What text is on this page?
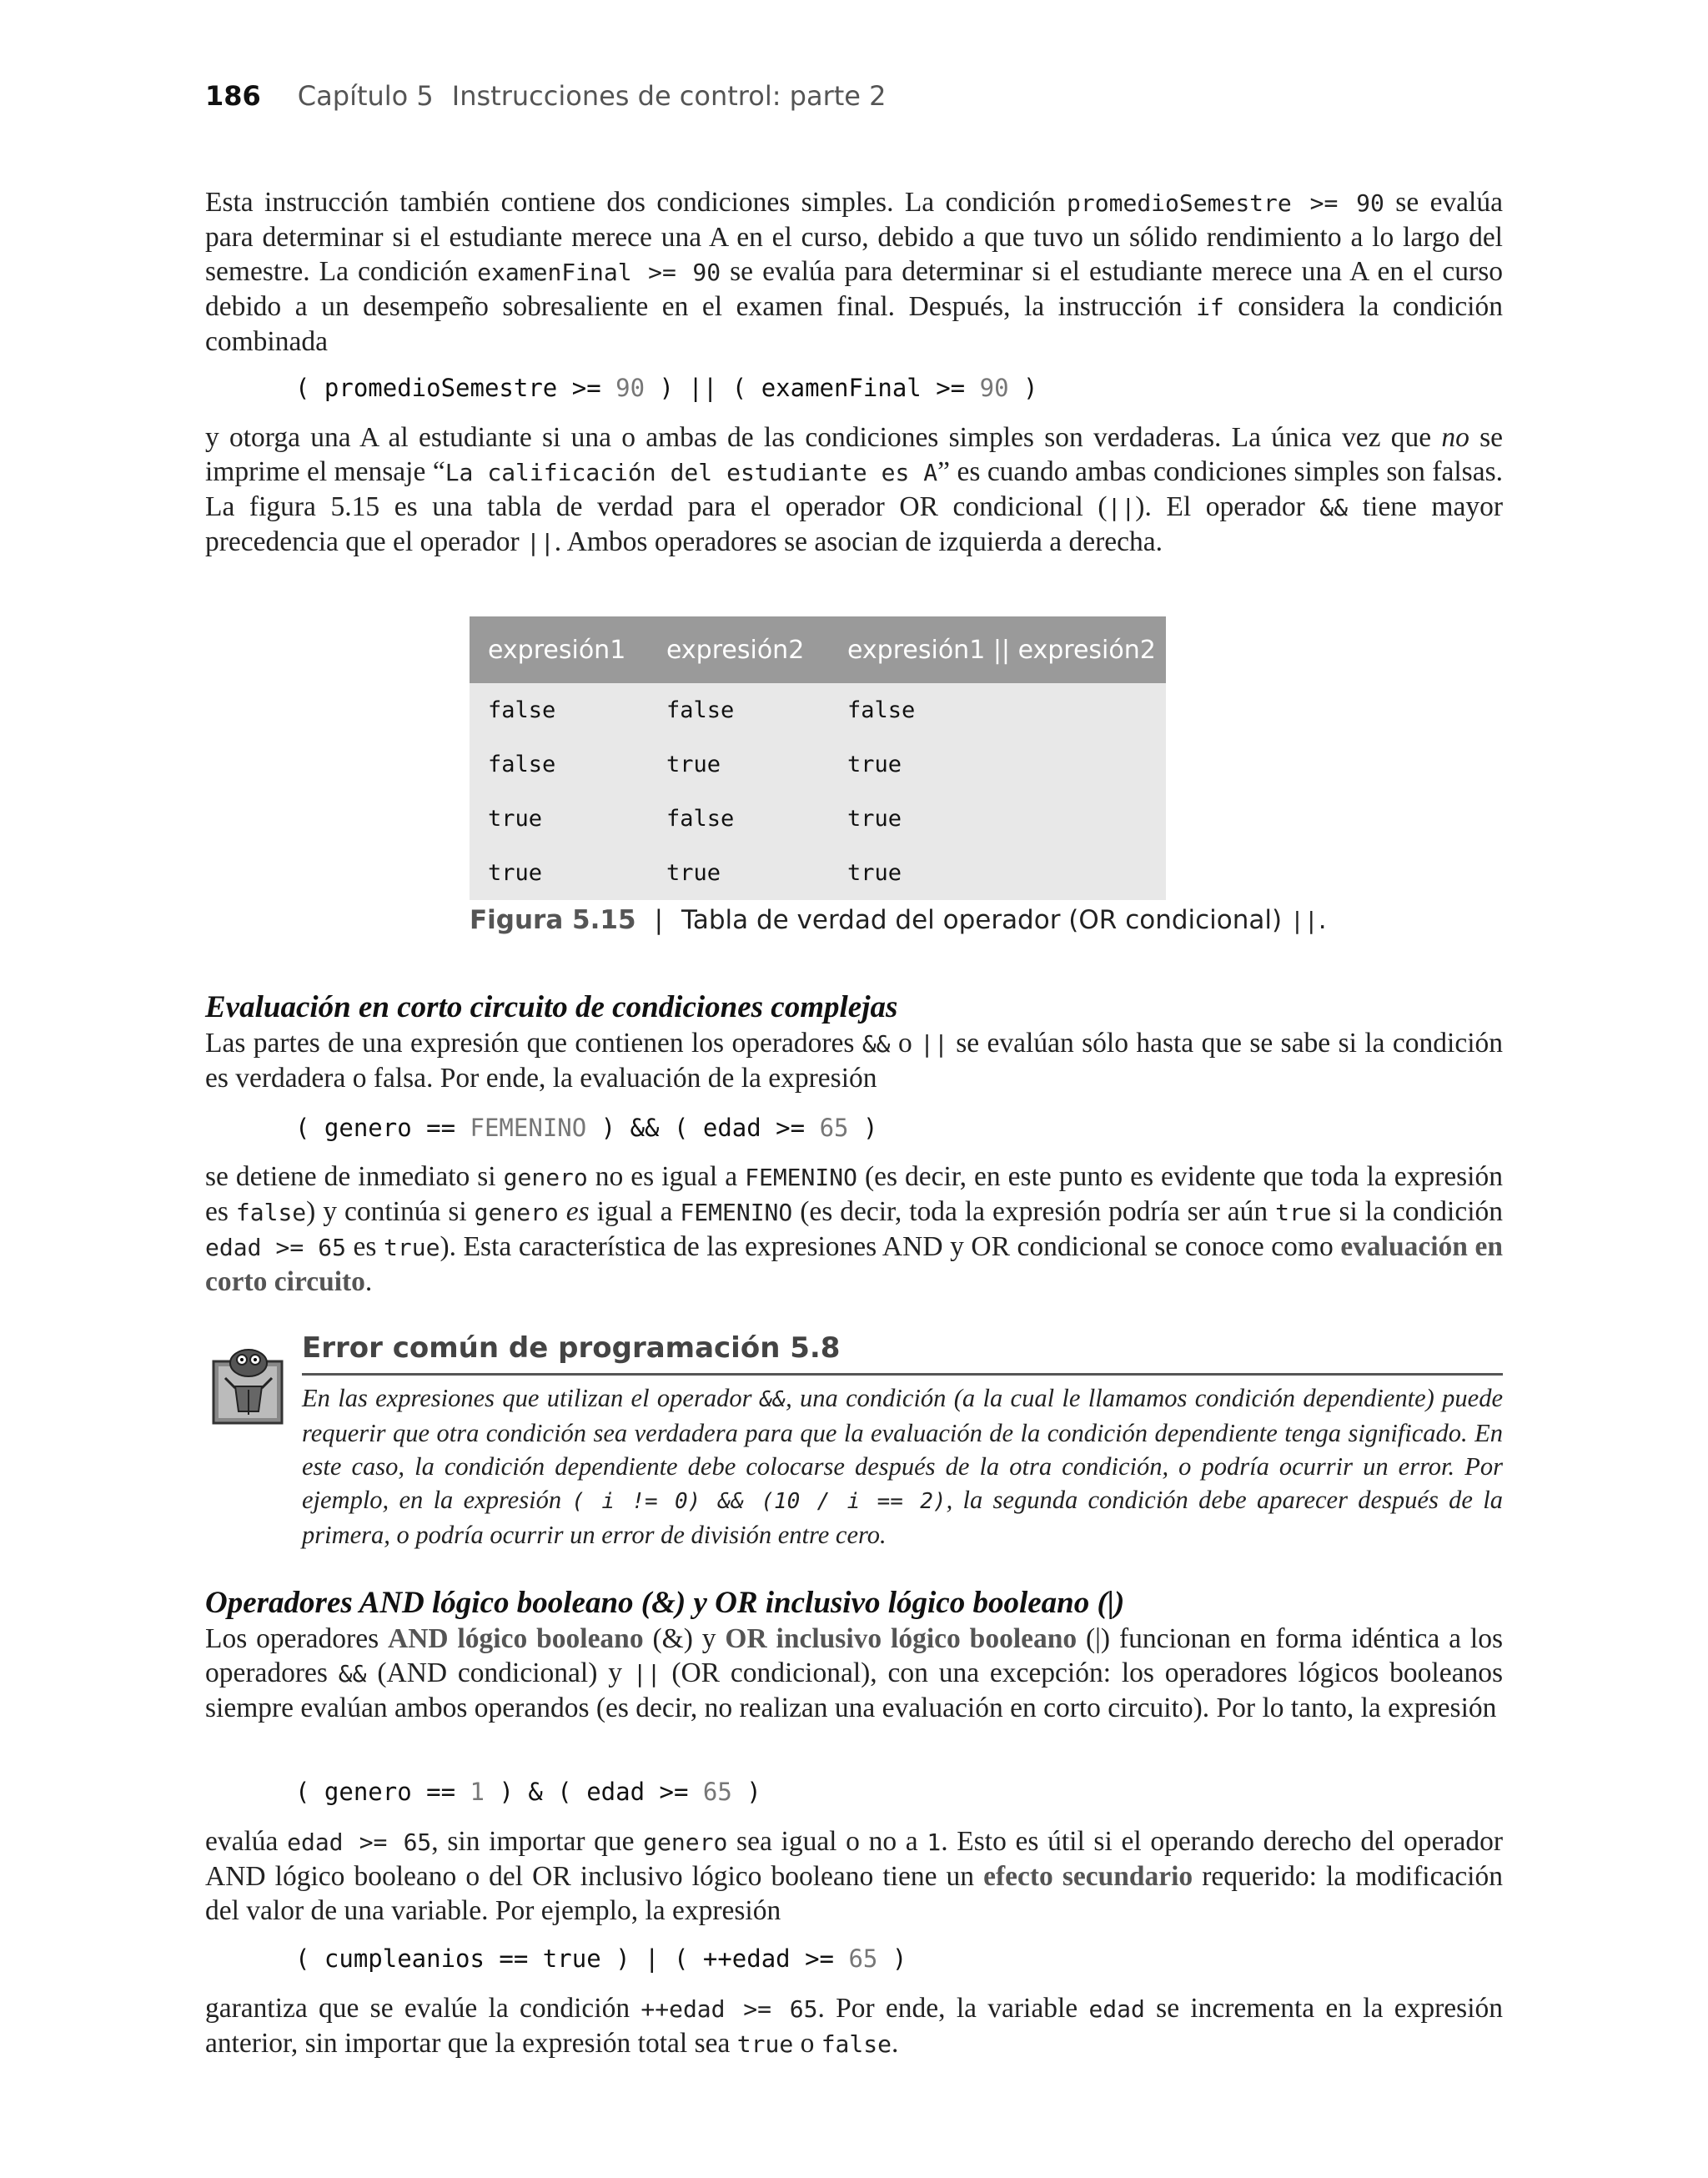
186 Capítulo 5 Instrucciones de control: parte 2

Esta instrucción también contiene dos condiciones simples. La condición promedioSemestre >= 90 se evalúa para determinar si el estudiante merece una A en el curso, debido a que tuvo un sólido rendimiento a lo largo del semestre. La condición examenFinal >= 90 se evalúa para determinar si el estudiante merece una A en el curso debido a un desempeño sobresaliente en el examen final. Después, la instrucción if considera la condición combinada

( promedioSemestre >= 90 ) || ( examenFinal >= 90 )

y otorga una A al estudiante si una o ambas de las condiciones simples son verdaderas. La única vez que no se imprime el mensaje “La calificación del estudiante es A” es cuando ambas condiciones simples son falsas. La figura 5.15 es una tabla de verdad para el operador OR condicional (||). El operador && tiene mayor precedencia que el operador ||. Ambos operadores se asocian de izquierda a derecha.

expresión1	expresión2	expresión1 || expresión2
false	false	false
false	true	true
true	false	true
true	true	true
Figura 5.15 | Tabla de verdad del operador (OR condicional) ||.
Evaluación en corto circuito de condiciones complejas

Las partes de una expresión que contienen los operadores && o || se evalúan sólo hasta que se sabe si la condición es verdadera o falsa. Por ende, la evaluación de la expresión

( genero == FEMENINO ) && ( edad >= 65 )

se detiene de inmediato si genero no es igual a FEMENINO (es decir, en este punto es evidente que toda la expresión es false) y continúa si genero es igual a FEMENINO (es decir, toda la expresión podría ser aún true si la condición edad >= 65 es true). Esta característica de las expresiones AND y OR condicional se conoce como evaluación en corto circuito.

Error común de programación 5.8
En las expresiones que utilizan el operador &&, una condición (a la cual le llamamos condición dependiente) puede requerir que otra condición sea verdadera para que la evaluación de la condición dependiente tenga significado. En este caso, la condición dependiente debe colocarse después de la otra condición, o podría ocurrir un error. Por ejemplo, en la expresión ( i != 0) && (10 / i == 2), la segunda condición debe aparecer después de la primera, o podría ocurrir un error de división entre cero.
Operadores AND lógico booleano (&) y OR inclusivo lógico booleano (|)

Los operadores AND lógico booleano (&) y OR inclusivo lógico booleano (|) funcionan en forma idéntica a los operadores && (AND condicional) y || (OR condicional), con una excepción: los operadores lógicos booleanos siempre evalúan ambos operandos (es decir, no realizan una evaluación en corto circuito). Por lo tanto, la expresión

( genero == 1 ) & ( edad >= 65 )

evalúa edad >= 65, sin importar que genero sea igual o no a 1. Esto es útil si el operando derecho del operador AND lógico booleano o del OR inclusivo lógico booleano tiene un efecto secundario requerido: la modificación del valor de una variable. Por ejemplo, la expresión

( cumpleanios == true ) | ( ++edad >= 65 )

garantiza que se evalúe la condición ++edad >= 65. Por ende, la variable edad se incrementa en la expresión anterior, sin importar que la expresión total sea true o false.
